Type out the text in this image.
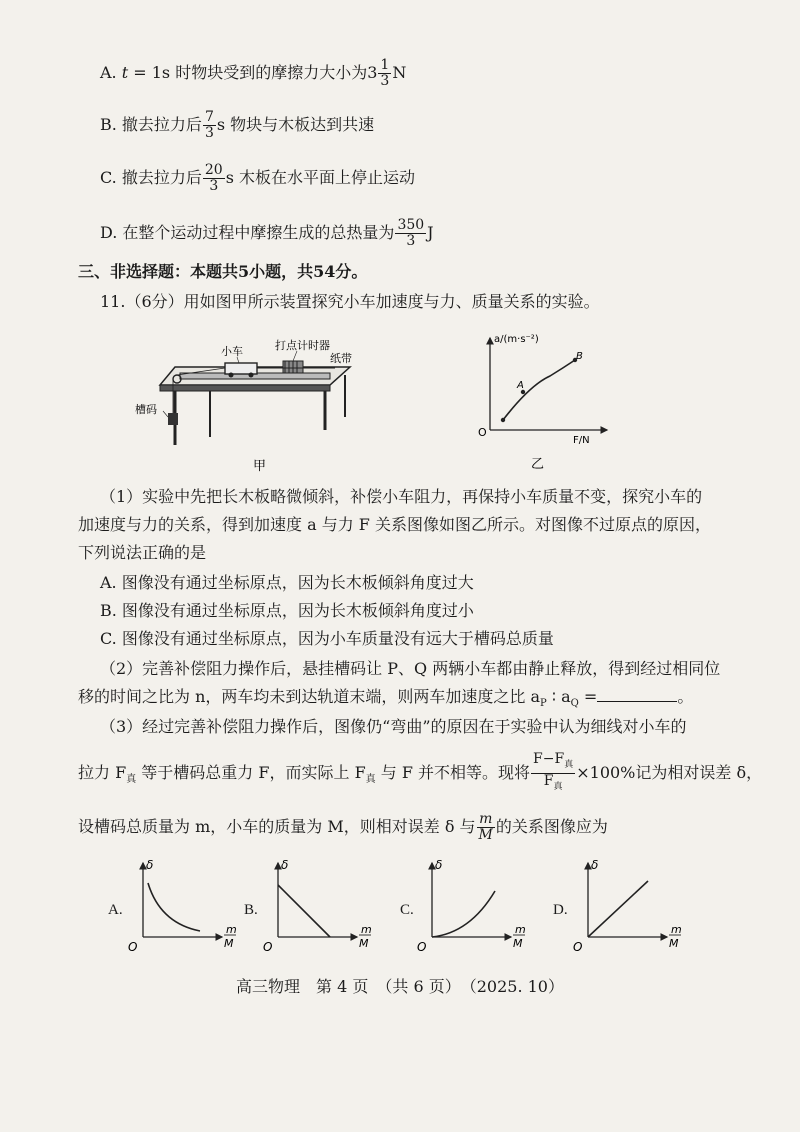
A. t = 1s 时物块受到的摩擦力大小为$3 \frac{1}{3}$ N
B. 撤去拉力后 $\frac{7}{3}$ s 物块与木板达到共速
C. 撤去拉力后 $\frac{20}{3}$ s 木板在水平面上停止运动
D. 在整个运动过程中摩擦生成的总热量为 $\frac{350}{3}$ J
三、非选择题：本题共5小题，共54分。
11.（6分）用如图甲所示装置探究小车加速度与力、质量关系的实验。
小车	打点计时器
纸带
槽码
甲
a/(m·s⁻²)
F/N
O
A
B
乙
（1）实验中先把长木板略微倾斜，补偿小车阻力，再保持小车质量不变，探究小车的
加速度与力的关系，得到加速度 a 与力 F 关系图像如图乙所示。对图像不过原点的原因，
下列说法正确的是
A. 图像没有通过坐标原点，因为长木板倾斜角度过大
B. 图像没有通过坐标原点，因为长木板倾斜角度过小
C. 图像没有通过坐标原点，因为小车质量没有远大于槽码总质量
（2）完善补偿阻力操作后，悬挂槽码让 P、Q 两辆小车都由静止释放，得到经过相同位
移的时间之比为 n，两车均未到达轨道末端，则两车加速度之比 $a_P$ ∶ $a_Q$ =	。
（3）经过完善补偿阻力操作后，图像仍“弯曲”的原因在于实验中认为细线对小车的
拉力 $F_真$ 等于槽码总重力 F，而实际上 $F_真$ 与 F 并不相等。现将 $\frac{F-F_真}{F_真} \times 100\%$记为相对误差 δ，
设槽码总质量为 m，小车的质量为 M，则相对误差 δ 与 $\frac{m}{M}$ 的关系图像应为
A.	B.	C.	D.
δ
O
m
M
δ
O
m
M
δ
O
m
M
δ
O
m
M
高三物理　第 4 页　（共 6 页）　（2025. 10）
